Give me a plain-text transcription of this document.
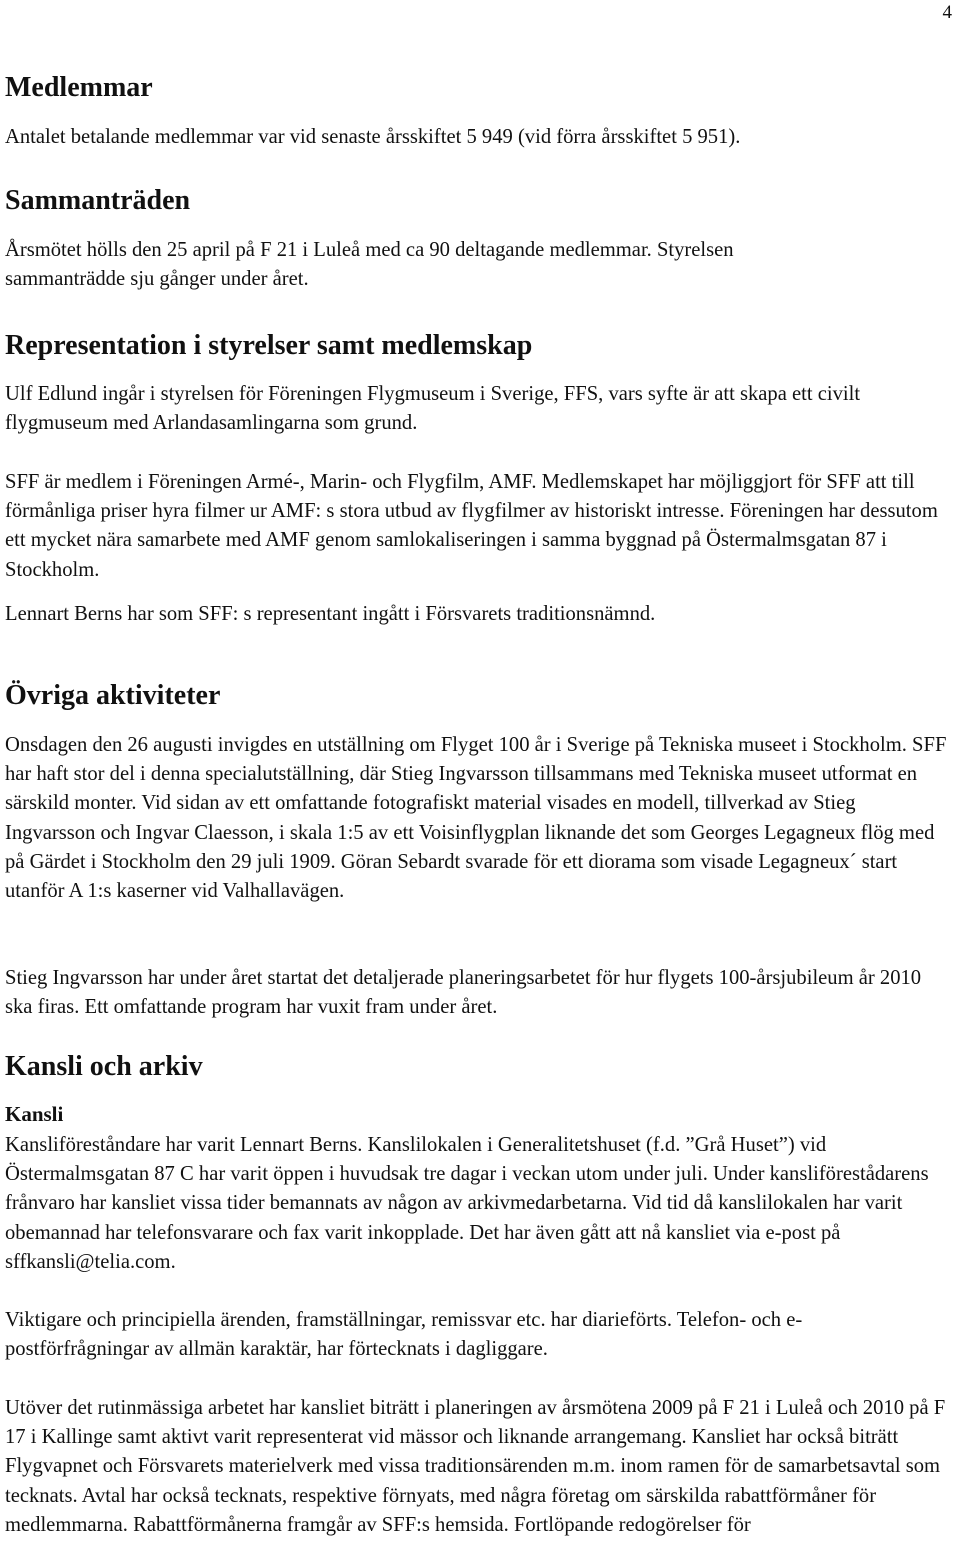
4
Medlemmar

Antalet betalande medlemmar var vid senaste årsskiftet 5 949 (vid förra årsskiftet 5 951).

Sammanträden

Årsmötet hölls den 25 april på F 21 i Luleå med ca 90 deltagande medlemmar. Styrelsen sammanträdde sju gånger under året.

Representation i styrelser samt medlemskap

Ulf Edlund ingår i styrelsen för Föreningen Flygmuseum i Sverige, FFS, vars syfte är att skapa ett civilt flygmuseum med Arlandasamlingarna som grund.

SFF är medlem i Föreningen Armé-, Marin- och Flygfilm, AMF. Medlemskapet har möjliggjort för SFF att till förmånliga priser hyra filmer ur AMF: s stora utbud av flygfilmer av historiskt intresse. Föreningen har dessutom ett mycket nära samarbete med AMF genom samlokaliseringen i samma byggnad på Östermalmsgatan 87 i Stockholm.

Lennart Berns har som SFF: s representant ingått i Försvarets traditionsnämnd.

Övriga aktiviteter

Onsdagen den 26 augusti invigdes en utställning om Flyget 100 år i Sverige på Tekniska museet i Stockholm. SFF har haft stor del i denna specialutställning, där Stieg Ingvarsson tillsammans med Tekniska museet utformat en särskild monter. Vid sidan av ett omfattande fotografiskt material visades en modell, tillverkad av Stieg Ingvarsson och Ingvar Claesson, i skala 1:5 av ett Voisinflygplan liknande det som Georges Legagneux flög med på Gärdet i Stockholm den 29 juli 1909. Göran Sebardt svarade för ett diorama som visade Legagneux´ start utanför A 1:s kaserner vid Valhallavägen.

Stieg Ingvarsson har under året startat det detaljerade planeringsarbetet för hur flygets 100-årsjubileum år 2010 ska firas. Ett omfattande program har vuxit fram under året.

Kansli och arkiv
Kansli

Kansliföreståndare har varit Lennart Berns. Kanslilokalen i Generalitetshuset (f.d. ”Grå Huset”) vid Östermalmsgatan 87 C har varit öppen i huvudsak tre dagar i veckan utom under juli. Under kansliförestådarens frånvaro har kansliet vissa tider bemannats av någon av arkivmedarbetarna. Vid tid då kanslilokalen har varit obemannad har telefonsvarare och fax varit inkopplade. Det har även gått att nå kansliet via e-post på sffkansli@telia.com.

Viktigare och principiella ärenden, framställningar, remissvar etc. har diarieförts. Telefon- och e-postförfrågningar av allmän karaktär, har förtecknats i dagliggare.

Utöver det rutinmässiga arbetet har kansliet biträtt i planeringen av årsmötena 2009 på F 21 i Luleå och 2010 på F 17 i Kallinge samt aktivt varit representerat vid mässor och liknande arrangemang. Kansliet har också biträtt Flygvapnet och Försvarets materielverk med vissa traditionsärenden m.m. inom ramen för de samarbetsavtal som tecknats. Avtal har också tecknats, respektive förnyats, med några företag om särskilda rabattförmåner för medlemmarna. Rabattförmånerna framgår av SFF:s hemsida. Fortlöpande redogörelser för
